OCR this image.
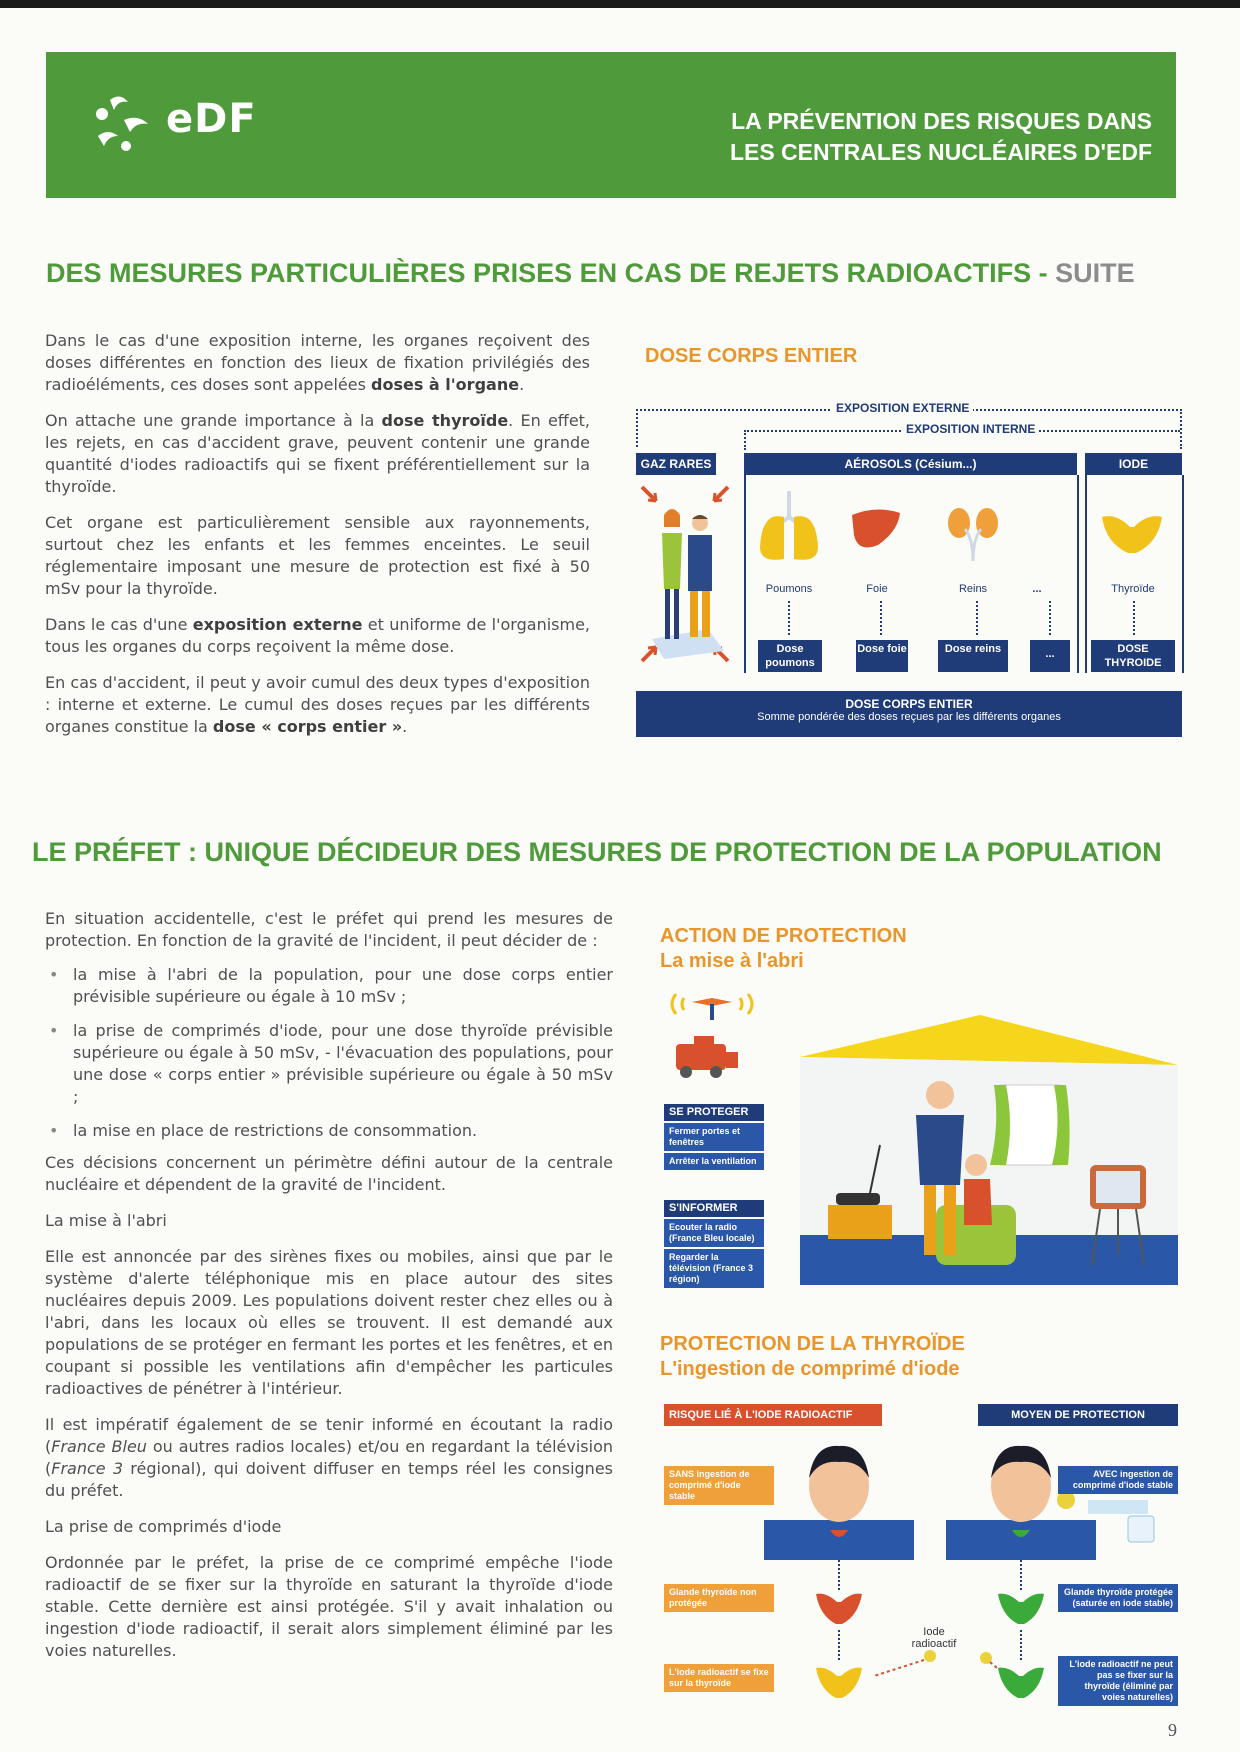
eDF	LA PRÉVENTION DES RISQUES DANS
LES CENTRALES NUCLÉAIRES D'EDF
DES MESURES PARTICULIÈRES PRISES EN CAS DE REJETS RADIOACTIFS - SUITE

Dans le cas d'une exposition interne, les organes reçoivent des doses différentes en fonction des lieux de fixation privilégiés des radioéléments, ces doses sont appelées doses à l'organe.

On attache une grande importance à la dose thyroïde. En effet, les rejets, en cas d'accident grave, peuvent contenir une grande quantité d'iodes radioactifs qui se fixent préférentiellement sur la thyroïde.

Cet organe est particulièrement sensible aux rayonnements, surtout chez les enfants et les femmes enceintes. Le seuil réglementaire imposant une mesure de protection est fixé à 50 mSv pour la thyroïde.

Dans le cas d'une exposition externe et uniforme de l'organisme, tous les organes du corps reçoivent la même dose.

En cas d'accident, il peut y avoir cumul des deux types d'exposition : interne et externe. Le cumul des doses reçues par les différents organes constitue la dose « corps entier ».

DOSE CORPS ENTIER
EXPOSITION EXTERNE
EXPOSITION INTERNE
GAZ RARES	AÉROSOLS (Césium...)	IODE
Poumons	Foie	Reins	...	Thyroïde
Dose poumons
Dose foie	Dose reins	...	DOSE THYROIDE
DOSE CORPS ENTIER
Somme pondérée des doses reçues par les différents organes
LE PRÉFET : UNIQUE DÉCIDEUR DES MESURES DE PROTECTION DE LA POPULATION

En situation accidentelle, c'est le préfet qui prend les mesures de protection. En fonction de la gravité de l'incident, il peut décider de :

• la mise à l'abri de la population, pour une dose corps entier prévisible supérieure ou égale à 10 mSv ;

• la prise de comprimés d'iode, pour une dose thyroïde prévisible supérieure ou égale à 50 mSv, - l'évacuation des populations, pour une dose « corps entier » prévisible supérieure ou égale à 50 mSv ;

• la mise en place de restrictions de consommation.

Ces décisions concernent un périmètre défini autour de la centrale nucléaire et dépendent de la gravité de l'incident.

La mise à l'abri

Elle est annoncée par des sirènes fixes ou mobiles, ainsi que par le système d'alerte téléphonique mis en place autour des sites nucléaires depuis 2009. Les populations doivent rester chez elles ou à l'abri, dans les locaux où elles se trouvent. Il est demandé aux populations de se protéger en fermant les portes et les fenêtres, et en coupant si possible les ventilations afin d'empêcher les particules radioactives de pénétrer à l'intérieur.

Il est impératif également de se tenir informé en écoutant la radio (France Bleu ou autres radios locales) et/ou en regardant la télévision (France 3 régional), qui doivent diffuser en temps réel les consignes du préfet.

La prise de comprimés d'iode

Ordonnée par le préfet, la prise de ce comprimé empêche l'iode radioactif de se fixer sur la thyroïde en saturant la thyroïde d'iode stable. Cette dernière est ainsi protégée. S'il y avait inhalation ou ingestion d'iode radioactif, il serait alors simplement éliminé par les voies naturelles.

ACTION DE PROTECTION
La mise à l'abri
SE PROTEGER
Fermer portes et fenêtres
Arrêter la ventilation
S'INFORMER
Ecouter la radio (France Bleu locale)
Regarder la télévision (France 3 région)
PROTECTION DE LA THYROÏDE
L'ingestion de comprimé d'iode
RISQUE LIÉ À L'IODE RADIOACTIF	MOYEN DE PROTECTION
SANS ingestion de comprimé d'iode stable
AVEC ingestion de comprimé d'iode stable
Glande thyroïde non protégée
Glande thyroïde protégée (saturée en iode stable)
Iode radioactif
L'iode radioactif se fixe sur la thyroïde
L'iode radioactif ne peut pas se fixer sur la thyroïde (éliminé par voies naturelles)
9
